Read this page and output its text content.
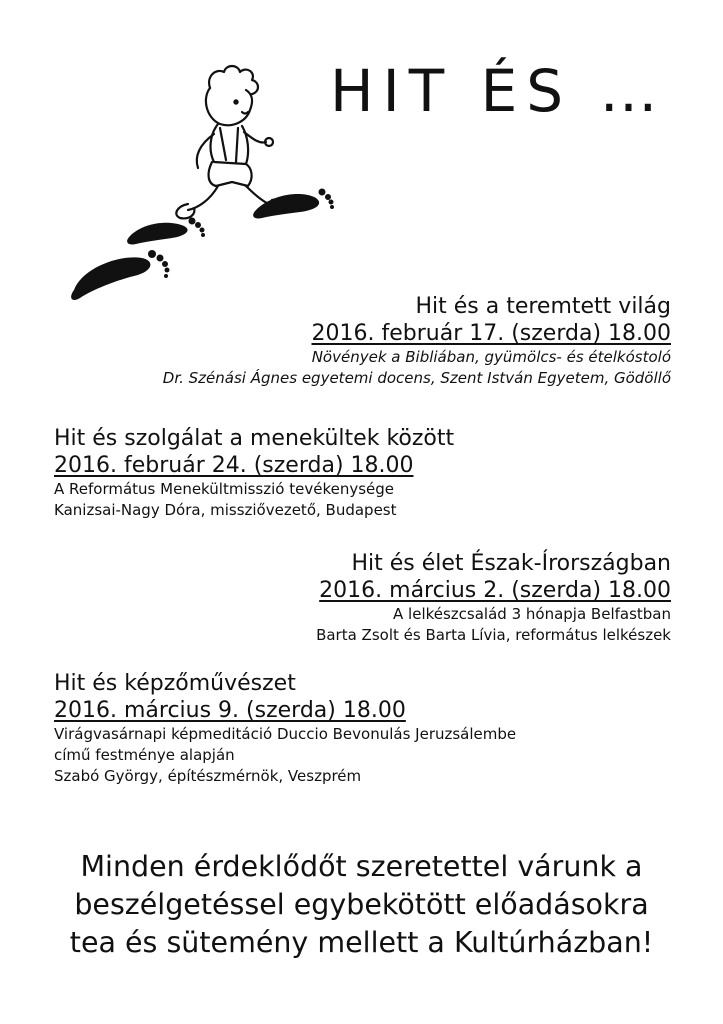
HIT ÉS …
Hit és a teremtett világ
2016. február 17. (szerda) 18.00
Növények a Bibliában, gyümölcs- és ételkóstoló
Dr. Szénási Ágnes egyetemi docens, Szent István Egyetem, Gödöllő
Hit és szolgálat a menekültek között
2016. február 24. (szerda) 18.00
A Református Menekültmisszió tevékenysége
Kanizsai-Nagy Dóra, missziővezető, Budapest
Hit és élet Észak-Írországban
2016. március 2. (szerda) 18.00
A lelkészcsalád 3 hónapja Belfastban
Barta Zsolt és Barta Lívia, református lelkészek
Hit és képzőművészet
2016. március 9. (szerda) 18.00
Virágvasárnapi képmeditáció Duccio Bevonulás Jeruzsálembe
című festménye alapján
Szabó György, építészmérnök, Veszprém
Minden érdeklődőt szeretettel várunk a
beszélgetéssel egybekötött előadásokra
tea és sütemény mellett a Kultúrházban!
